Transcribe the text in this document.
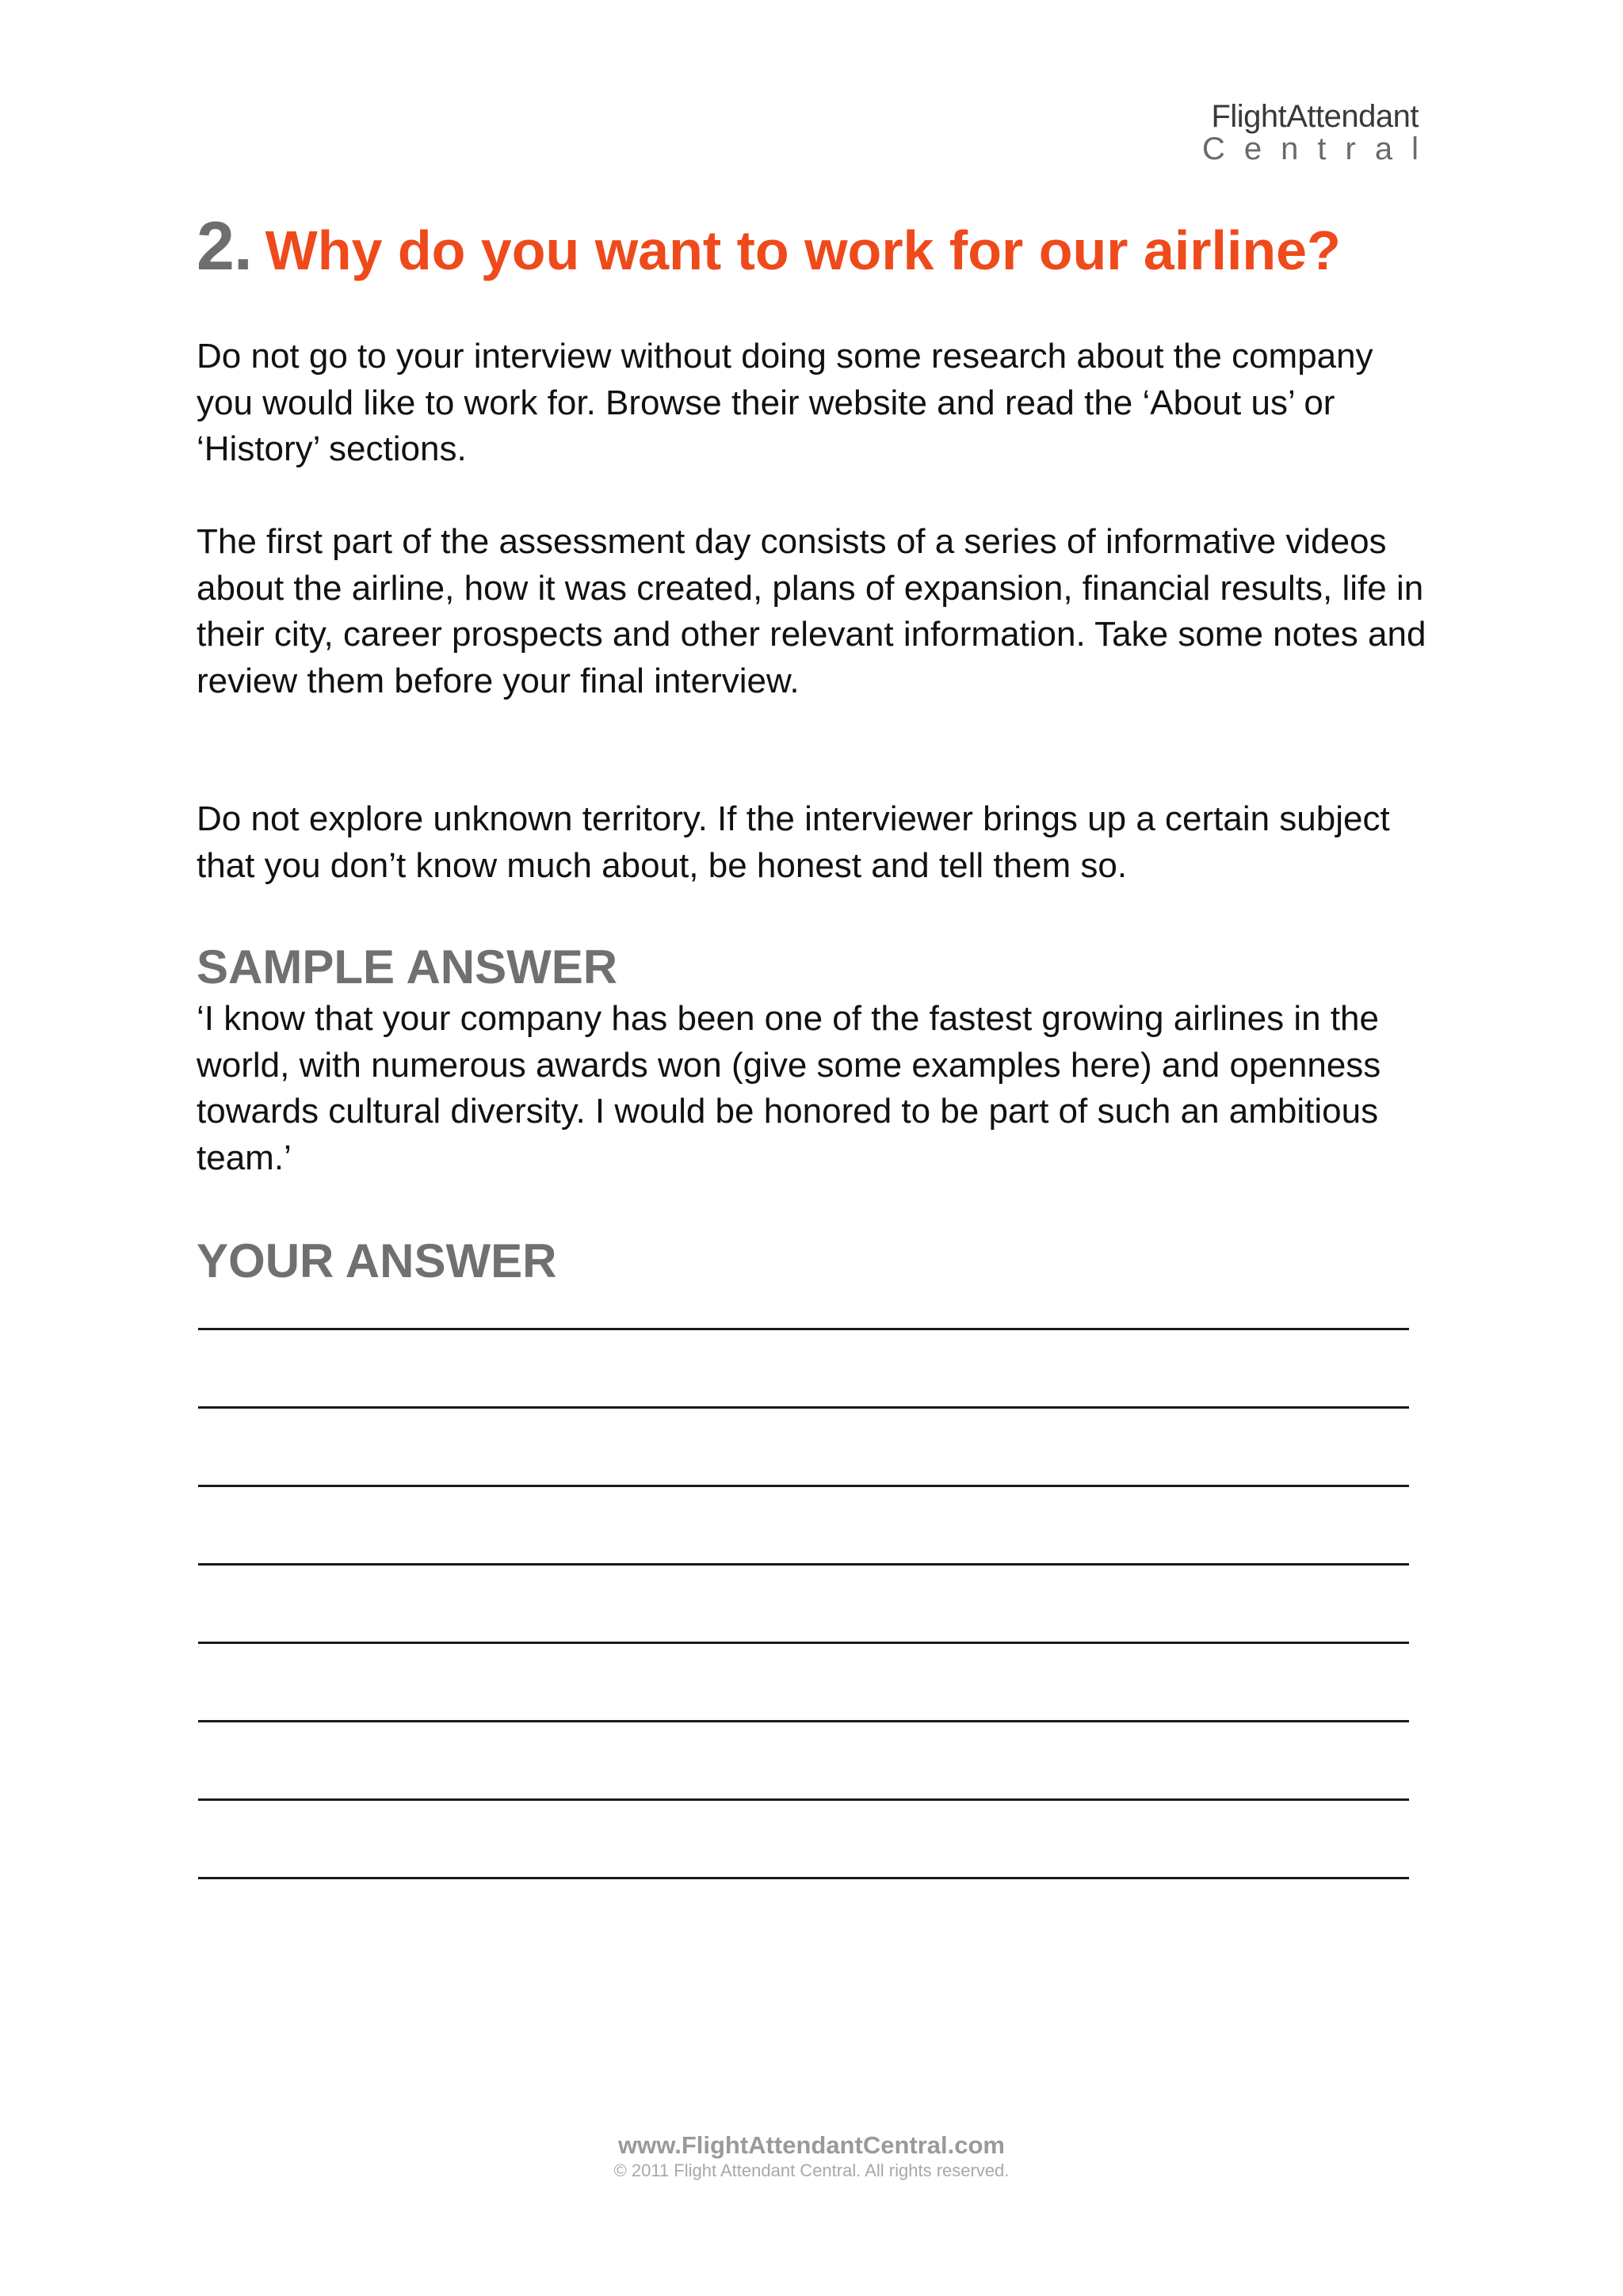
FlightAttendant
Central
2. Why do you want to work for our airline?

Do not go to your interview without doing some research about the company you would like to work for. Browse their website and read the ‘About us’ or ‘History’ sections.

The first part of the assessment day consists of a series of informative videos about the airline, how it was created, plans of expansion, financial results, life in their city, career prospects and other relevant information. Take some notes and review them before your final interview.

Do not explore unknown territory. If the interviewer brings up a certain subject that you don’t know much about, be honest and tell them so.

SAMPLE ANSWER

‘I know that your company has been one of the fastest growing airlines in the world, with numerous awards won (give some examples here) and openness towards cultural diversity. I would be honored to be part of such an ambitious team.’

YOUR ANSWER
www.FlightAttendantCentral.com
© 2011 Flight Attendant Central. All rights reserved.
